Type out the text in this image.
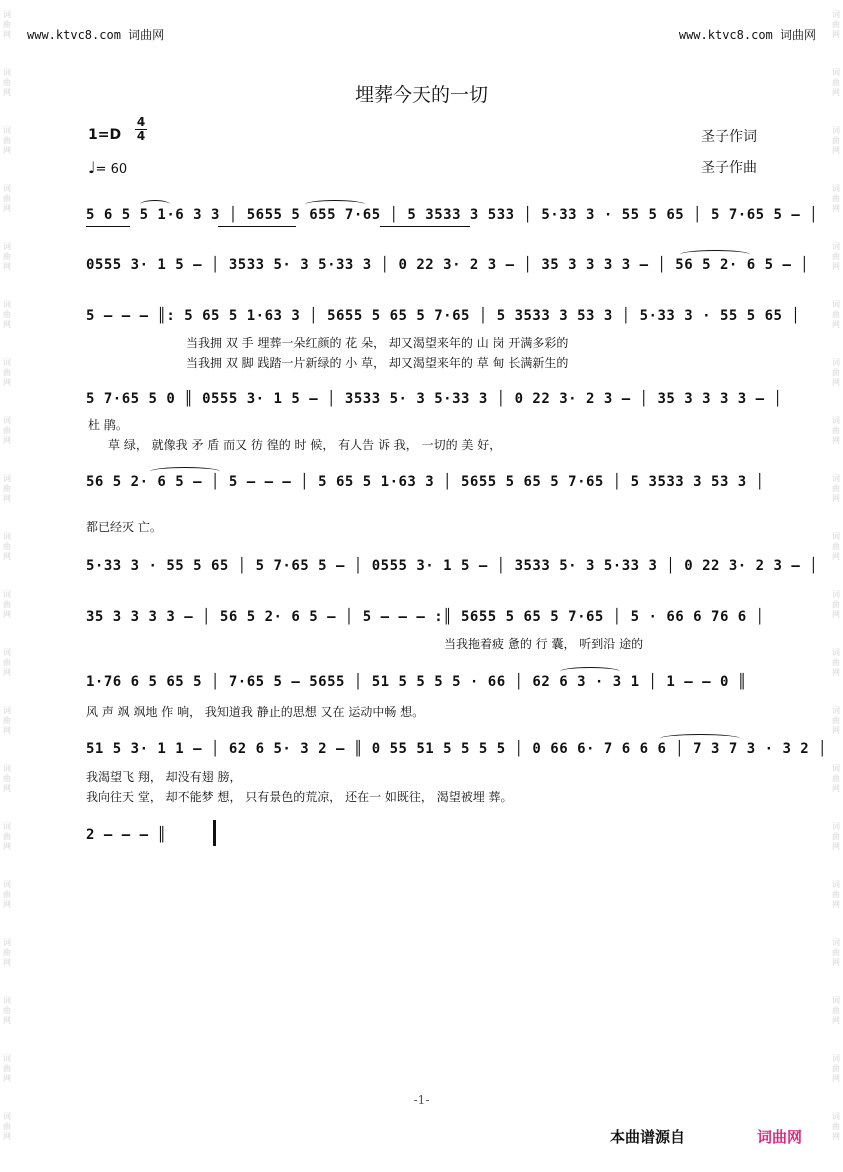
词
曲
网
词
曲
网
词
曲
网
词
曲
网
词
曲
网
词
曲
网
词
曲
网
词
曲
网
词
曲
网
词
曲
网
词
曲
网
词
曲
网
词
曲
网
词
曲
网
词
曲
网
词
曲
网
词
曲
网
词
曲
网
词
曲
网
词
曲
网
词
曲
网
词
曲
网
词
曲
网
词
曲
网
词
曲
网
词
曲
网
词
曲
网
词
曲
网
词
曲
网
词
曲
网
词
曲
网
词
曲
网
词
曲
网
词
曲
网
词
曲
网
词
曲
网
词
曲
网
词
曲
网
词
曲
网
词
曲
网
www.ktvc8.com 词曲网	www.ktvc8.com 词曲网
埋葬今天的一切
1=D
4
4
♩= 60
圣子作词
圣子作曲
5 6 5 5 1·6 3 3 │ 5655 5 655 7·65 │ 5 3533 3 533 │ 5·33 3 · 55 5 65 │ 5 7·65 5 – │
0555 3· 1 5 – │ 3533 5· 3 5·33 3 │ 0 22 3· 2 3 – │ 35 3 3 3 3 – │ 56 5 2· 6 5 – │
5 – – – ║: 5 65 5 1·63 3 │ 5655 5 65 5 7·65 │ 5 3533 3 53 3 │ 5·33 3 · 55 5 65 │
当我拥 双 手 埋葬一朵红颜的 花 朵， 却又渴望来年的 山 岗 开满多彩的
当我拥 双 脚 践踏一片新绿的 小 草， 却又渴望来年的 草 甸 长满新生的
5 7·65 5 0 ║ 0555 3· 1 5 – │ 3533 5· 3 5·33 3 │ 0 22 3· 2 3 – │ 35 3 3 3 3 – │
杜 鹃。
草 绿， 就像我 矛 盾 而又 彷 徨的 时 候， 有人告 诉 我， 一切的 美 好，
56 5 2· 6 5 – │ 5 – – – │ 5 65 5 1·63 3 │ 5655 5 65 5 7·65 │ 5 3533 3 53 3 │
都已经灭 亡。
5·33 3 · 55 5 65 │ 5 7·65 5 – │ 0555 3· 1 5 – │ 3533 5· 3 5·33 3 │ 0 22 3· 2 3 – │
35 3 3 3 3 – │ 56 5 2· 6 5 – │ 5 – – – :║ 5655 5 65 5 7·65 │ 5 · 66 6 76 6 │
当我拖着疲 惫的 行 囊， 听到沿 途的
1·76 6 5 65 5 │ 7·65 5 – 5655 │ 51 5 5 5 5 · 66 │ 62 6 3 · 3 1 │ 1 – – 0 ║
风 声 飒 飒地 作 响， 我知道我 静止的思想 又在 运动中畅 想。
51 5 3· 1 1 – │ 62 6 5· 3 2 – ║ 0 55 51 5 5 5 5 │ 0 66 6· 7 6 6 6 │ 7 3 7 3 · 3 2 │
我渴望飞 翔， 却没有翅 膀，
我向往天 堂， 却不能梦 想， 只有景色的荒凉， 还在一 如既往， 渴望被埋 葬。
2 – – – ║
-1-
本曲谱源自	词曲网
